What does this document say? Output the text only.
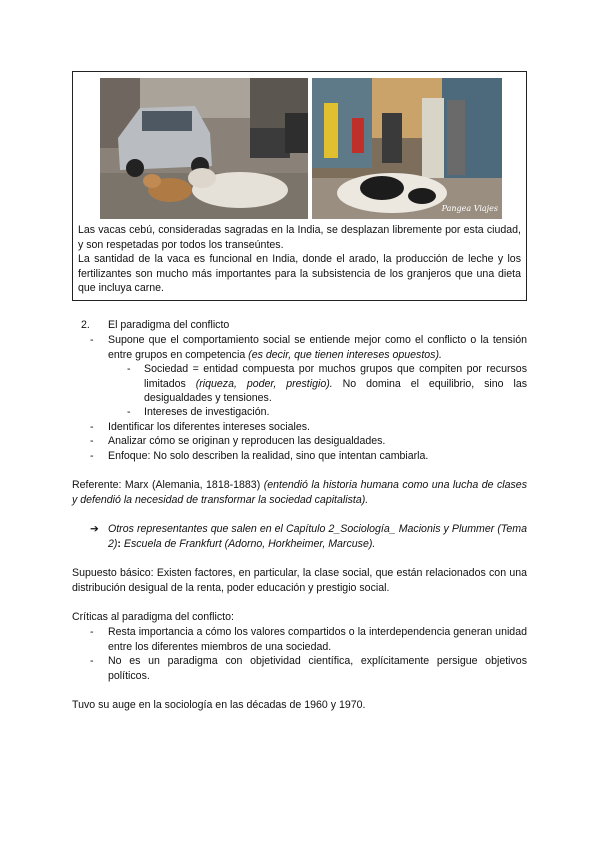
Pangea Viajes

Las vacas cebú, consideradas sagradas en la India, se desplazan libremente por esta ciudad, y son respetadas por todos los transeúntes.

La santidad de la vaca es funcional en India, donde el arado, la producción de leche y los fertilizantes son mucho más importantes para la subsistencia de los granjeros que una dieta que incluya carne.

2. El paradigma del conflicto
- Supone que el comportamiento social se entiende mejor como el conflicto o la tensión entre grupos en competencia (es decir, que tienen intereses opuestos).

- Sociedad = entidad compuesta por muchos grupos que compiten por recursos limitados (riqueza, poder, prestigio). No domina el equilibrio, sino las desigualdades y tensiones.

- Intereses de investigación.
- Identificar los diferentes intereses sociales.
- Analizar cómo se originan y reproducen las desigualdades.
- Enfoque: No solo describen la realidad, sino que intentan cambiarla.

Referente: Marx (Alemania, 1818-1883) (entendió la historia humana como una lucha de clases y defendió la necesidad de transformar la sociedad capitalista).

➔ Otros representantes que salen en el Capítulo 2_Sociología_ Macionis y Plummer (Tema 2): Escuela de Frankfurt (Adorno, Horkheimer, Marcuse).

Supuesto básico: Existen factores, en particular, la clase social, que están relacionados con una distribución desigual de la renta, poder educación y prestigio social.

Críticas al paradigma del conflicto:
- Resta importancia a cómo los valores compartidos o la interdependencia generan unidad entre los diferentes miembros de una sociedad.

- No es un paradigma con objetividad científica, explícitamente persigue objetivos políticos.

Tuvo su auge en la sociología en las décadas de 1960 y 1970.
